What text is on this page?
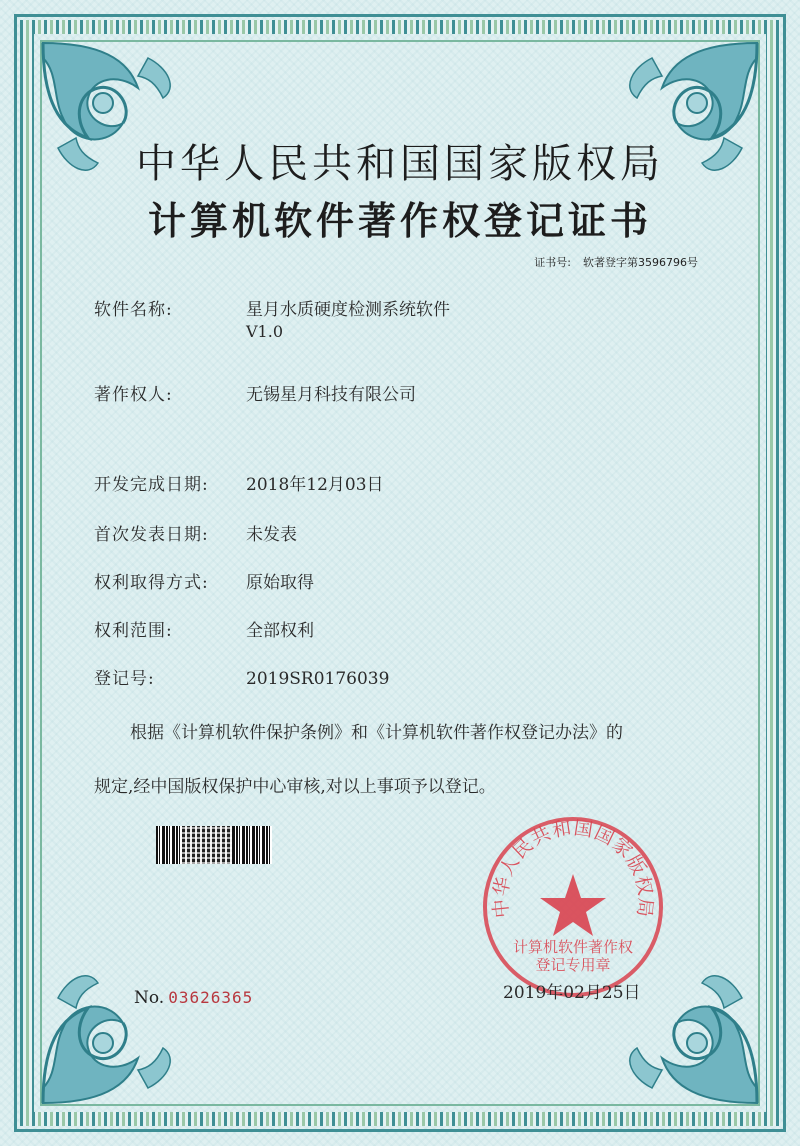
中华人民共和国国家版权局
计算机软件著作权登记证书
证书号: 软著登字第3596796号
软件名称:	星月水质硬度检测系统软件
V1.0
著作权人:	无锡星月科技有限公司
开发完成日期: 2018年12月03日
首次发表日期: 未发表
权利取得方式: 原始取得
权利范围:	全部权利
登记号:	2019SR0176039
根据《计算机软件保护条例》和《计算机软件著作权登记办法》的
规定,经中国版权保护中心审核,对以上事项予以登记。
中华人民共和国国家版权局
计算机软件著作权
登记专用章
No. 03626365	2019年02月25日
